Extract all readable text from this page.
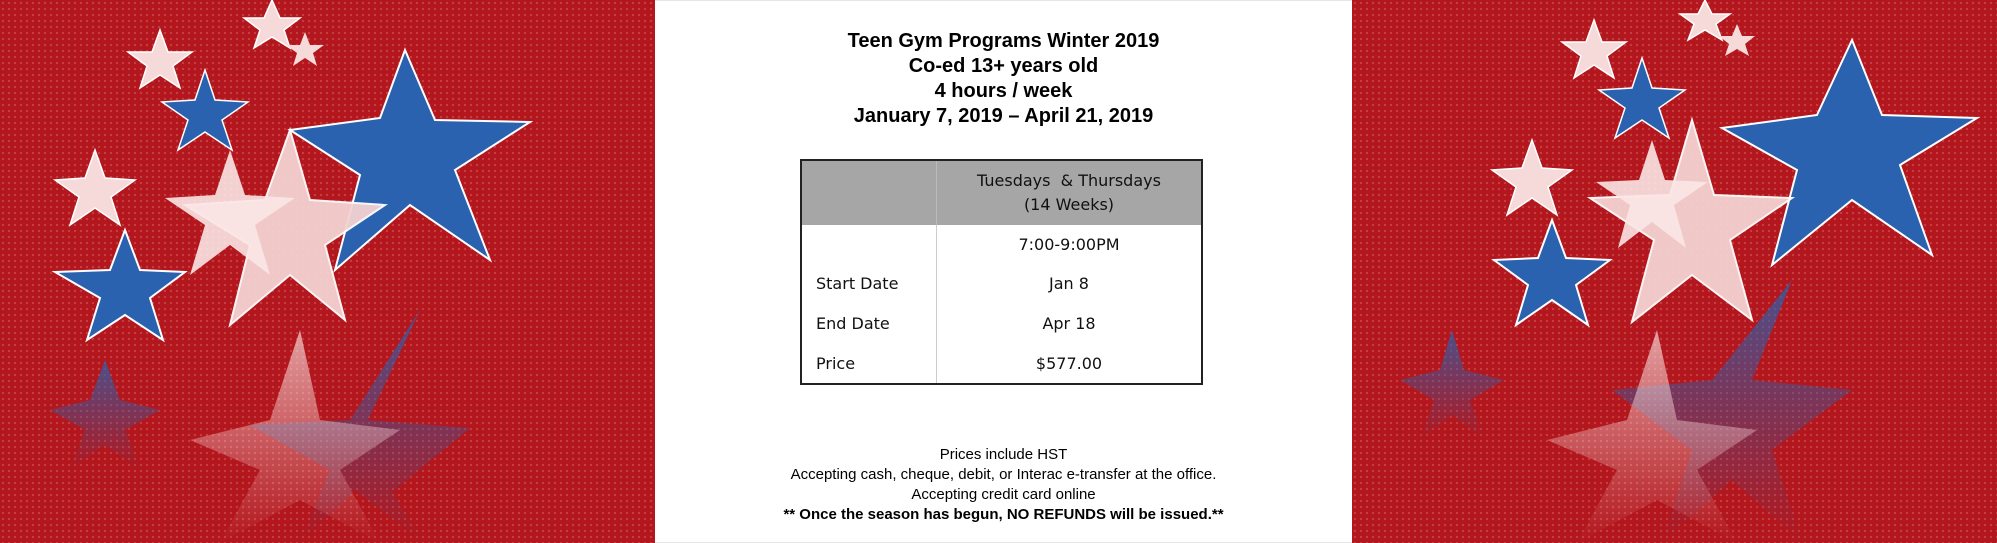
Teen Gym Programs Winter 2019
Co-ed 13+ years old
4 hours / week
January 7, 2019 – April 21, 2019

	Tuesdays  & Thursdays
(14 Weeks)

	7:00-9:00PM
Start Date	Jan 8
End Date	Apr 18
Price	$577.00
Prices include HST
Accepting cash, cheque, debit, or Interac e-transfer at the office.
Accepting credit card online
** Once the season has begun, NO REFUNDS will be issued.**
